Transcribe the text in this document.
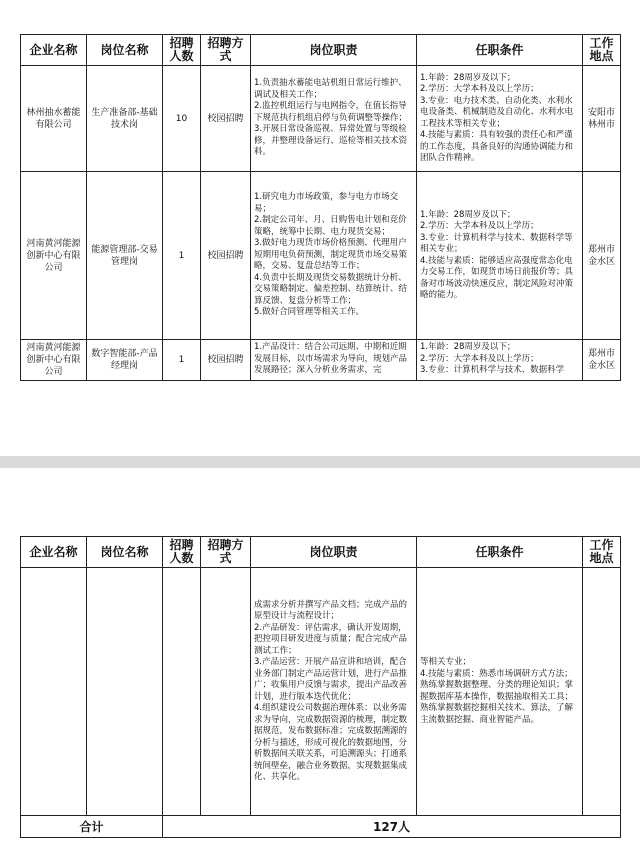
企业名称	岗位名称	招聘人数	招聘方式	岗位职责	任职条件	工作地点
林州抽水蓄能有限公司	生产准备部-基础技术岗	10	校园招聘	1.负责抽水蓄能电站机组日常运行维护、调试及相关工作；
2.监控机组运行与电网指令，在值长指导下规范执行机组启停与负荷调整等操作；
3.开展日常设备巡视、异常处置与等级检修，并整理设备运行、巡检等相关技术资料。	1.年龄：28周岁及以下；
2.学历：大学本科及以上学历；
3.专业：电力技术类、自动化类、水利水电设备类、机械制造及自动化、水利水电工程技术等相关专业；
4.技能与素质：具有较强的责任心和严谨的工作态度，具备良好的沟通协调能力和团队合作精神。	安阳市林州市
河南黄河能源创新中心有限公司	能源管理部-交易管理岗	1	校园招聘	1.研究电力市场政策，参与电力市场交易；
2.制定公司年、月、日购售电计划和竞价策略，统筹中长期、电力现货交易；
3.做好电力现货市场价格预测、代理用户短期用电负荷预测，制定现货市场交易策略，交易、复盘总结等工作；
4.负责中长期及现货交易数据统计分析、交易策略制定、偏差控制、结算统计、结算反馈、复盘分析等工作；
5.做好合同管理等相关工作。	1.年龄：28周岁及以下；
2.学历：大学本科及以上学历；
3.专业：计算机科学与技术、数据科学等相关专业；
4.技能与素质：能够适应高强度常态化电力交易工作，如现货市场日前报价等；具备对市场波动快速反应，制定风险对冲策略的能力。	郑州市金水区
河南黄河能源创新中心有限公司	数字智能部-产品经理岗	1	校园招聘	1.产品设计：结合公司远期、中期和近期发展目标，以市场需求为导向，规划产品发展路径；深入分析业务需求，完	1.年龄：28周岁及以下；
2.学历：大学本科及以上学历；
3.专业：计算机科学与技术、数据科学	郑州市金水区
企业名称	岗位名称	招聘人数	招聘方式	岗位职责	任职条件	工作地点

				成需求分析并撰写产品文档；完成产品的原型设计与流程设计；
2.产品研发：评估需求，确认开发周期，把控项目研发进度与质量；配合完成产品测试工作；
3.产品运营：开展产品宣讲和培训，配合业务部门制定产品运营计划，进行产品推广；收集用户反馈与需求，提出产品改善计划，进行版本迭代优化；
4.组织建设公司数据治理体系：以业务需求为导向，完成数据资源的梳理，制定数据规范，发布数据标准；完成数据溯源的分析与描述，形成可视化的数据地图，分析数据间关联关系，可追溯源头；打通系统间壁垒，融合业务数据，实现数据集成化、共享化。	等相关专业；
4.技能与素质：熟悉市场调研方式方法；熟练掌握数据整理、分类的理论知识；掌握数据库基本操作，数据抽取相关工具；熟练掌握数据挖掘相关技术、算法，了解主流数据挖掘、商业智能产品。	

合计		127人				
